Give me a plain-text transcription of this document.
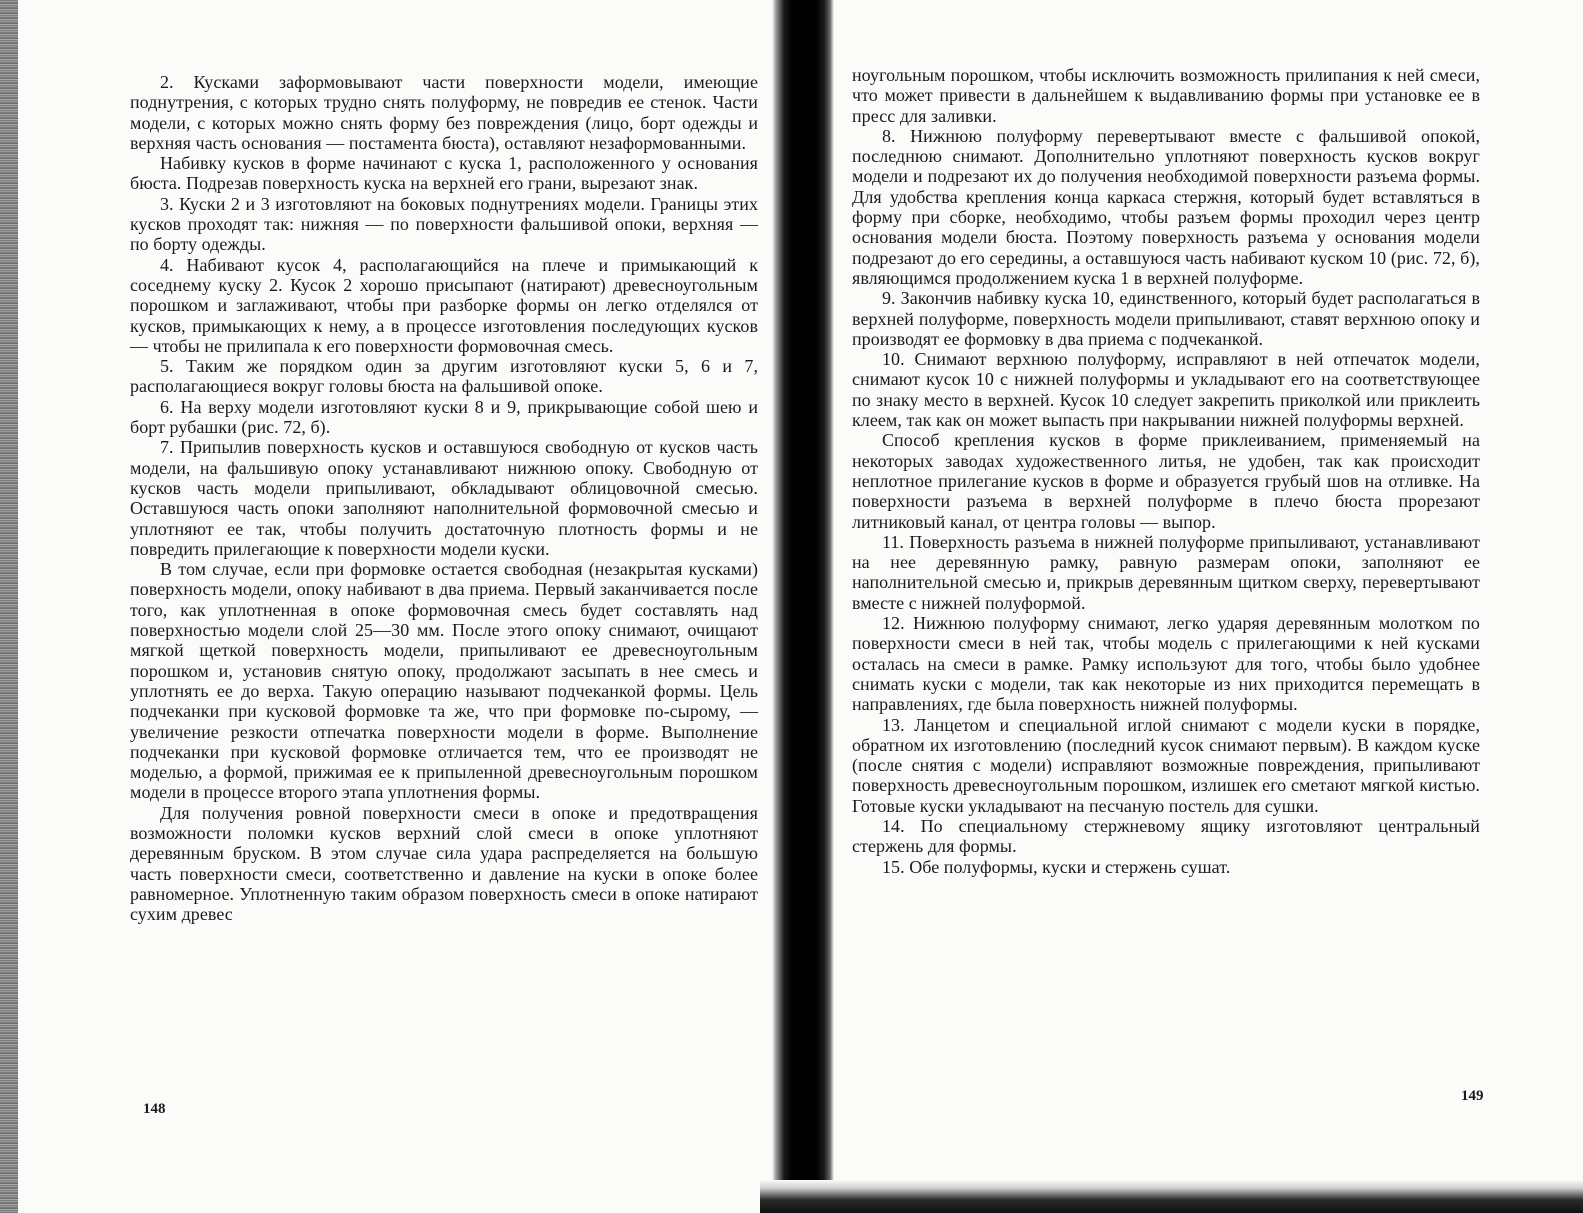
2. Кусками заформовывают части поверхности модели, имеющие поднутрения, с которых трудно снять полуформу, не повредив ее стенок. Части модели, с которых можно снять форму без повреждения (лицо, борт одежды и верхняя часть основания — постамента бюста), оставляют незаформованными.

Набивку кусков в форме начинают с куска 1, расположенного у основания бюста. Подрезав поверхность куска на верхней его грани, вырезают знак.

3. Куски 2 и 3 изготовляют на боковых поднутрениях модели. Границы этих кусков проходят так: нижняя — по поверхности фальшивой опоки, верхняя — по борту одежды.

4. Набивают кусок 4, располагающийся на плече и примыкающий к соседнему куску 2. Кусок 2 хорошо присыпают (натирают) древесноугольным порошком и заглаживают, чтобы при разборке формы он легко отделялся от кусков, примыкающих к нему, а в процессе изготовления последующих кусков — чтобы не прилипала к его поверхности формовочная смесь.

5. Таким же порядком один за другим изготовляют куски 5, 6 и 7, располагающиеся вокруг головы бюста на фальшивой опоке.

6. На верху модели изготовляют куски 8 и 9, прикрывающие собой шею и борт рубашки (рис. 72, б).

7. Припылив поверхность кусков и оставшуюся свободную от кусков часть модели, на фальшивую опоку устанавливают нижнюю опоку. Свободную от кусков часть модели припыливают, обкладывают облицовочной смесью. Оставшуюся часть опоки заполняют наполнительной формовочной смесью и уплотняют ее так, чтобы получить достаточную плотность формы и не повредить прилегающие к поверхности модели куски.

В том случае, если при формовке остается свободная (незакрытая кусками) поверхность модели, опоку набивают в два приема. Первый заканчивается после того, как уплотненная в опоке формовочная смесь будет составлять над поверхностью модели слой 25—30 мм. После этого опоку снимают, очищают мягкой щеткой поверхность модели, припыливают ее древесноугольным порошком и, установив снятую опоку, продолжают засыпать в нее смесь и уплотнять ее до верха. Такую операцию называют подчеканкой формы. Цель подчеканки при кусковой формовке та же, что при формовке по-сырому, — увеличение резкости отпечатка поверхности модели в форме. Выполнение подчеканки при кусковой формовке отличается тем, что ее производят не моделью, а формой, прижимая ее к припыленной древесноугольным порошком модели в процессе второго этапа уплотнения формы.

Для получения ровной поверхности смеси в опоке и предотвращения возможности поломки кусков верхний слой смеси в опоке уплотняют деревянным бруском. В этом случае сила удара распределяется на большую часть поверхности смеси, соответственно и давление на куски в опоке более равномерное. Уплотненную таким образом поверхность смеси в опоке натирают сухим древес

148

ноугольным порошком, чтобы исключить возможность прилипания к ней смеси, что может привести в дальнейшем к выдавливанию формы при установке ее в пресс для заливки.

8. Нижнюю полуформу перевертывают вместе с фальшивой опокой, последнюю снимают. Дополнительно уплотняют поверхность кусков вокруг модели и подрезают их до получения необходимой поверхности разъема формы. Для удобства крепления конца каркаса стержня, который будет вставляться в форму при сборке, необходимо, чтобы разъем формы проходил через центр основания модели бюста. Поэтому поверхность разъема у основания модели подрезают до его середины, а оставшуюся часть набивают куском 10 (рис. 72, б), являющимся продолжением куска 1 в верхней полуформе.

9. Закончив набивку куска 10, единственного, который будет располагаться в верхней полуформе, поверхность модели припыливают, ставят верхнюю опоку и производят ее формовку в два приема с подчеканкой.

10. Снимают верхнюю полуформу, исправляют в ней отпечаток модели, снимают кусок 10 с нижней полуформы и укладывают его на соответствующее по знаку место в верхней. Кусок 10 следует закрепить приколкой или приклеить клеем, так как он может выпасть при накрывании нижней полуформы верхней.

Способ крепления кусков в форме приклеиванием, применяемый на некоторых заводах художественного литья, не удобен, так как происходит неплотное прилегание кусков в форме и образуется грубый шов на отливке. На поверхности разъема в верхней полуформе в плечо бюста прорезают литниковый канал, от центра головы — выпор.

11. Поверхность разъема в нижней полуформе припыливают, устанавливают на нее деревянную рамку, равную размерам опоки, заполняют ее наполнительной смесью и, прикрыв деревянным щитком сверху, перевертывают вместе с нижней полуформой.

12. Нижнюю полуформу снимают, легко ударяя деревянным молотком по поверхности смеси в ней так, чтобы модель с прилегающими к ней кусками осталась на смеси в рамке. Рамку используют для того, чтобы было удобнее снимать куски с модели, так как некоторые из них приходится перемещать в направлениях, где была поверхность нижней полуформы.

13. Ланцетом и специальной иглой снимают с модели куски в порядке, обратном их изготовлению (последний кусок снимают первым). В каждом куске (после снятия с модели) исправляют возможные повреждения, припыливают поверхность древесноугольным порошком, излишек его сметают мягкой кистью. Готовые куски укладывают на песчаную постель для сушки.

14. По специальному стержневому ящику изготовляют центральный стержень для формы.

15. Обе полуформы, куски и стержень сушат.

149
